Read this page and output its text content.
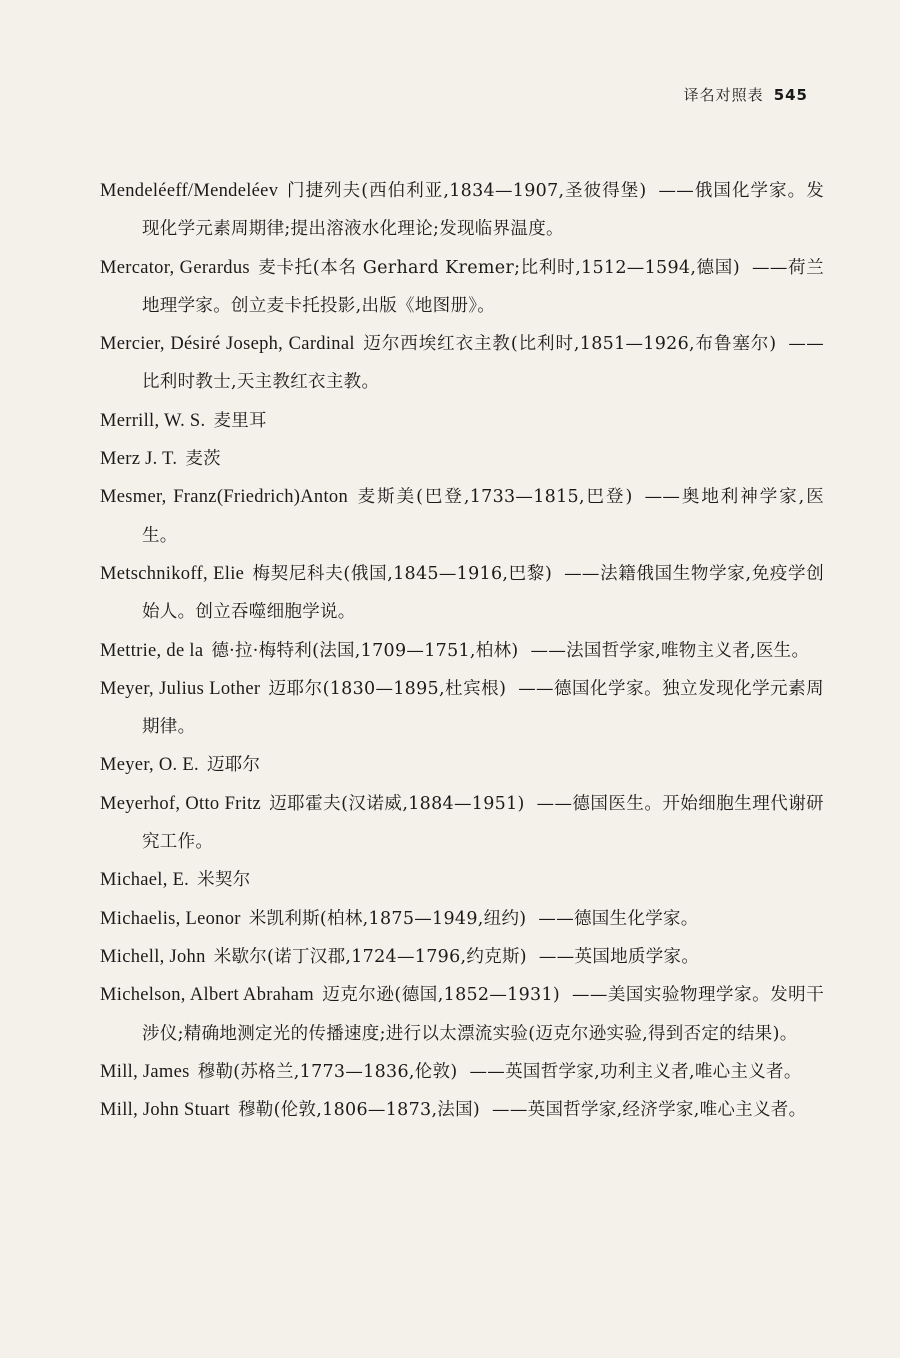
译名对照表 545
Mendeléeff/Mendeléev 门捷列夫(西伯利亚,1834—1907,圣彼得堡) ——俄国化学家。发现化学元素周期律;提出溶液水化理论;发现临界温度。
Mercator, Gerardus 麦卡托(本名 Gerhard Kremer;比利时,1512—1594,德国) ——荷兰地理学家。创立麦卡托投影,出版《地图册》。
Mercier, Désiré Joseph, Cardinal 迈尔西埃红衣主教(比利时,1851—1926,布鲁塞尔) ——比利时教士,天主教红衣主教。
Merrill, W. S. 麦里耳
Merz J. T. 麦茨
Mesmer, Franz(Friedrich)Anton 麦斯美(巴登,1733—1815,巴登) ——奥地利神学家,医生。
Metschnikoff, Elie 梅契尼科夫(俄国,1845—1916,巴黎) ——法籍俄国生物学家,免疫学创始人。创立吞噬细胞学说。
Mettrie, de la 德·拉·梅特利(法国,1709—1751,柏林) ——法国哲学家,唯物主义者,医生。
Meyer, Julius Lother 迈耶尔(1830—1895,杜宾根) ——德国化学家。独立发现化学元素周期律。
Meyer, O. E. 迈耶尔
Meyerhof, Otto Fritz 迈耶霍夫(汉诺威,1884—1951) ——德国医生。开始细胞生理代谢研究工作。
Michael, E. 米契尔
Michaelis, Leonor 米凯利斯(柏林,1875—1949,纽约) ——德国生化学家。
Michell, John 米歇尔(诺丁汉郡,1724—1796,约克斯) ——英国地质学家。
Michelson, Albert Abraham 迈克尔逊(德国,1852—1931) ——美国实验物理学家。发明干涉仪;精确地测定光的传播速度;进行以太漂流实验(迈克尔逊实验,得到否定的结果)。
Mill, James 穆勒(苏格兰,1773—1836,伦敦) ——英国哲学家,功利主义者,唯心主义者。
Mill, John Stuart 穆勒(伦敦,1806—1873,法国) ——英国哲学家,经济学家,唯心主义者。
